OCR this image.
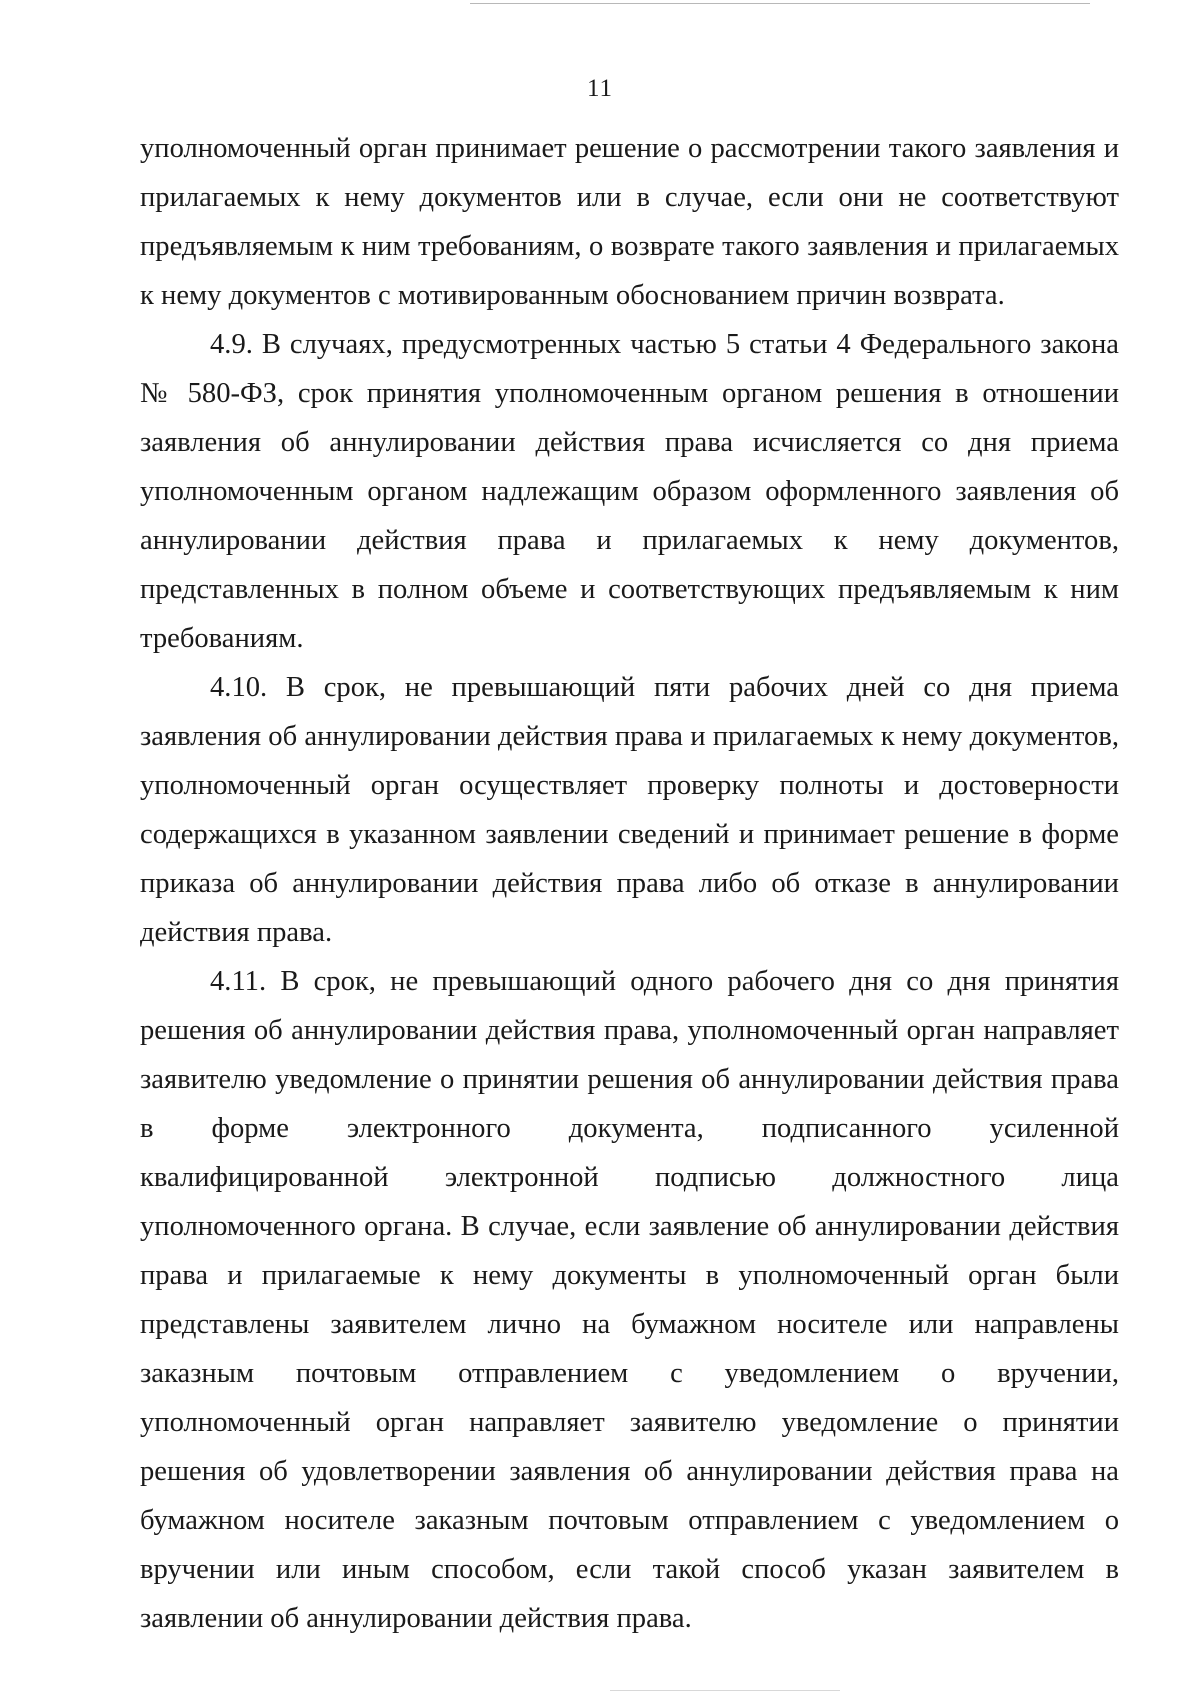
11

уполномоченный орган принимает решение о рассмотрении такого заявления и прилагаемых к нему документов или в случае, если они не соответствуют предъявляемым к ним требованиям, о возврате такого заявления и прилагаемых к нему документов с мотивированным обоснованием причин возврата.

4.9. В случаях, предусмотренных частью 5 статьи 4 Федерального закона № 580-ФЗ, срок принятия уполномоченным органом решения в отношении заявления об аннулировании действия права исчисляется со дня приема уполномоченным органом надлежащим образом оформленного заявления об аннулировании действия права и прилагаемых к нему документов, представленных в полном объеме и соответствующих предъявляемым к ним требованиям.

4.10. В срок, не превышающий пяти рабочих дней со дня приема заявления об аннулировании действия права и прилагаемых к нему документов, уполномоченный орган осуществляет проверку полноты и достоверности содержащихся в указанном заявлении сведений и принимает решение в форме приказа об аннулировании действия права либо об отказе в аннулировании действия права.

4.11. В срок, не превышающий одного рабочего дня со дня принятия решения об аннулировании действия права, уполномоченный орган направляет заявителю уведомление о принятии решения об аннулировании действия права в форме электронного документа, подписанного усиленной квалифицированной электронной подписью должностного лица уполномоченного органа. В случае, если заявление об аннулировании действия права и прилагаемые к нему документы в уполномоченный орган были представлены заявителем лично на бумажном носителе или направлены заказным почтовым отправлением с уведомлением о вручении, уполномоченный орган направляет заявителю уведомление о принятии решения об удовлетворении заявления об аннулировании действия права на бумажном носителе заказным почтовым отправлением с уведомлением о вручении или иным способом, если такой способ указан заявителем в заявлении об аннулировании действия права.
